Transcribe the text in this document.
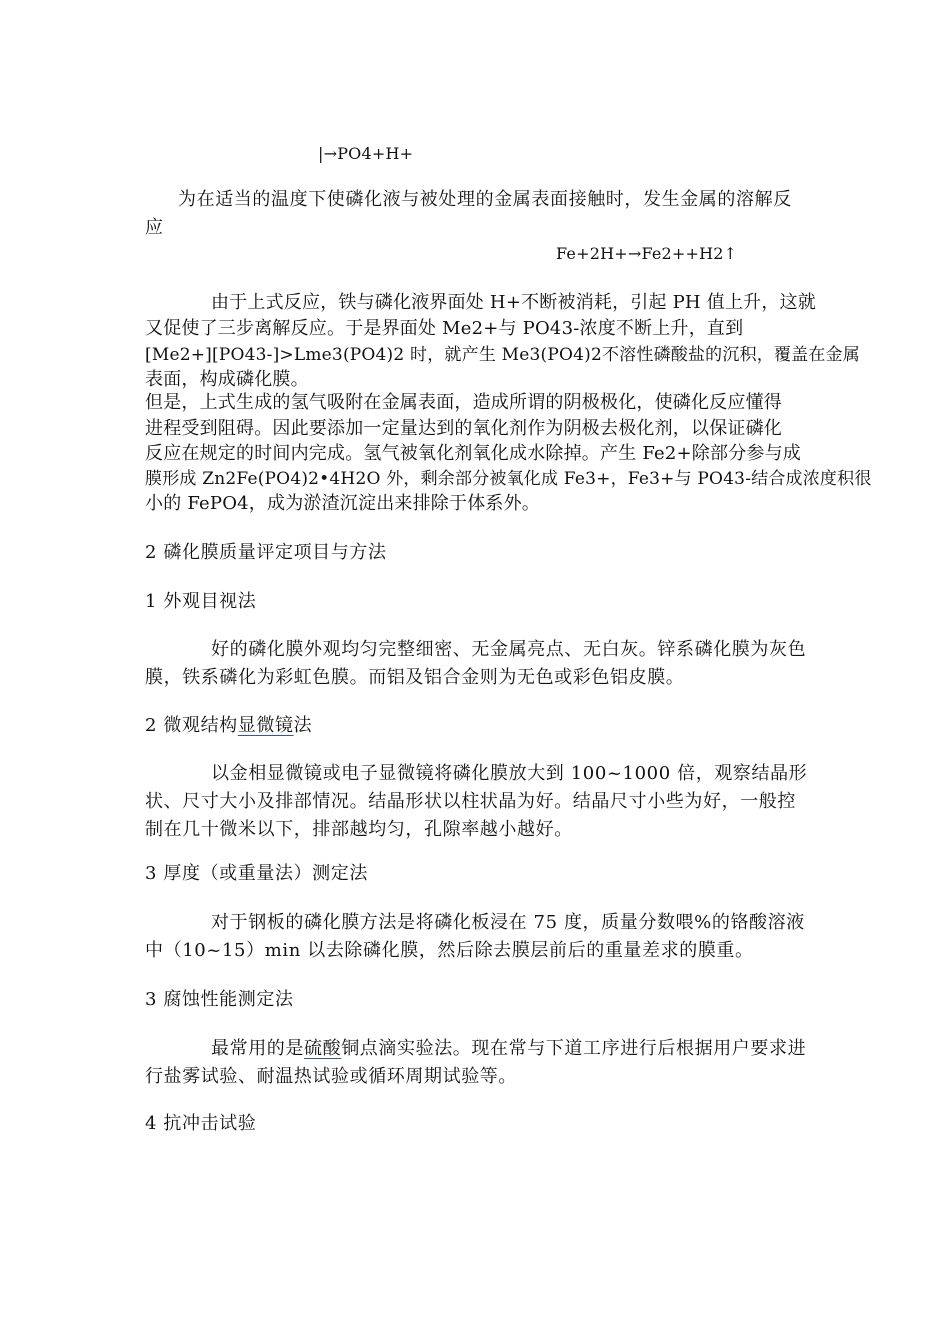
|→PO4+H+
为在适当的温度下使磷化液与被处理的金属表面接触时，发生金属的溶解反应
Fe+2H+→Fe2++H2↑
由于上式反应，铁与磷化液界面处 H+不断被消耗，引起 PH 值上升，这就
又促使了三步离解反应。于是界面处 Me2+与 PO43-浓度不断上升，直到
[Me2+][PO43-]>Lme3(PO4)2 时，就产生 Me3(PO4)2不溶性磷酸盐的沉积，覆盖在金属
表面，构成磷化膜。
但是，上式生成的氢气吸附在金属表面，造成所谓的阴极极化，使磷化反应懂得
进程受到阻碍。因此要添加一定量达到的氧化剂作为阴极去极化剂，以保证磷化
反应在规定的时间内完成。氢气被氧化剂氧化成水除掉。产生 Fe2+除部分参与成
膜形成 Zn2Fe(PO4)2•4H2O 外，剩余部分被氧化成 Fe3+，Fe3+与 PO43-结合成浓度积很
小的 FePO4，成为淤渣沉淀出来排除于体系外。
2 磷化膜质量评定项目与方法
1 外观目视法
好的磷化膜外观均匀完整细密、无金属亮点、无白灰。锌系磷化膜为灰色膜，铁系磷化为彩虹色膜。而铝及铝合金则为无色或彩色铝皮膜。
2 微观结构显微镜法
以金相显微镜或电子显微镜将磷化膜放大到 100~1000 倍，观察结晶形状、尺寸大小及排部情况。结晶形状以柱状晶为好。结晶尺寸小些为好，一般控制在几十微米以下，排部越均匀，孔隙率越小越好。
3 厚度（或重量法）测定法
对于钢板的磷化膜方法是将磷化板浸在 75 度，质量分数喂%的铬酸溶液中（10~15）min 以去除磷化膜，然后除去膜层前后的重量差求的膜重。
3 腐蚀性能测定法
最常用的是硫酸铜点滴实验法。现在常与下道工序进行后根据用户要求进行盐雾试验、耐温热试验或循环周期试验等。
4 抗冲击试验
